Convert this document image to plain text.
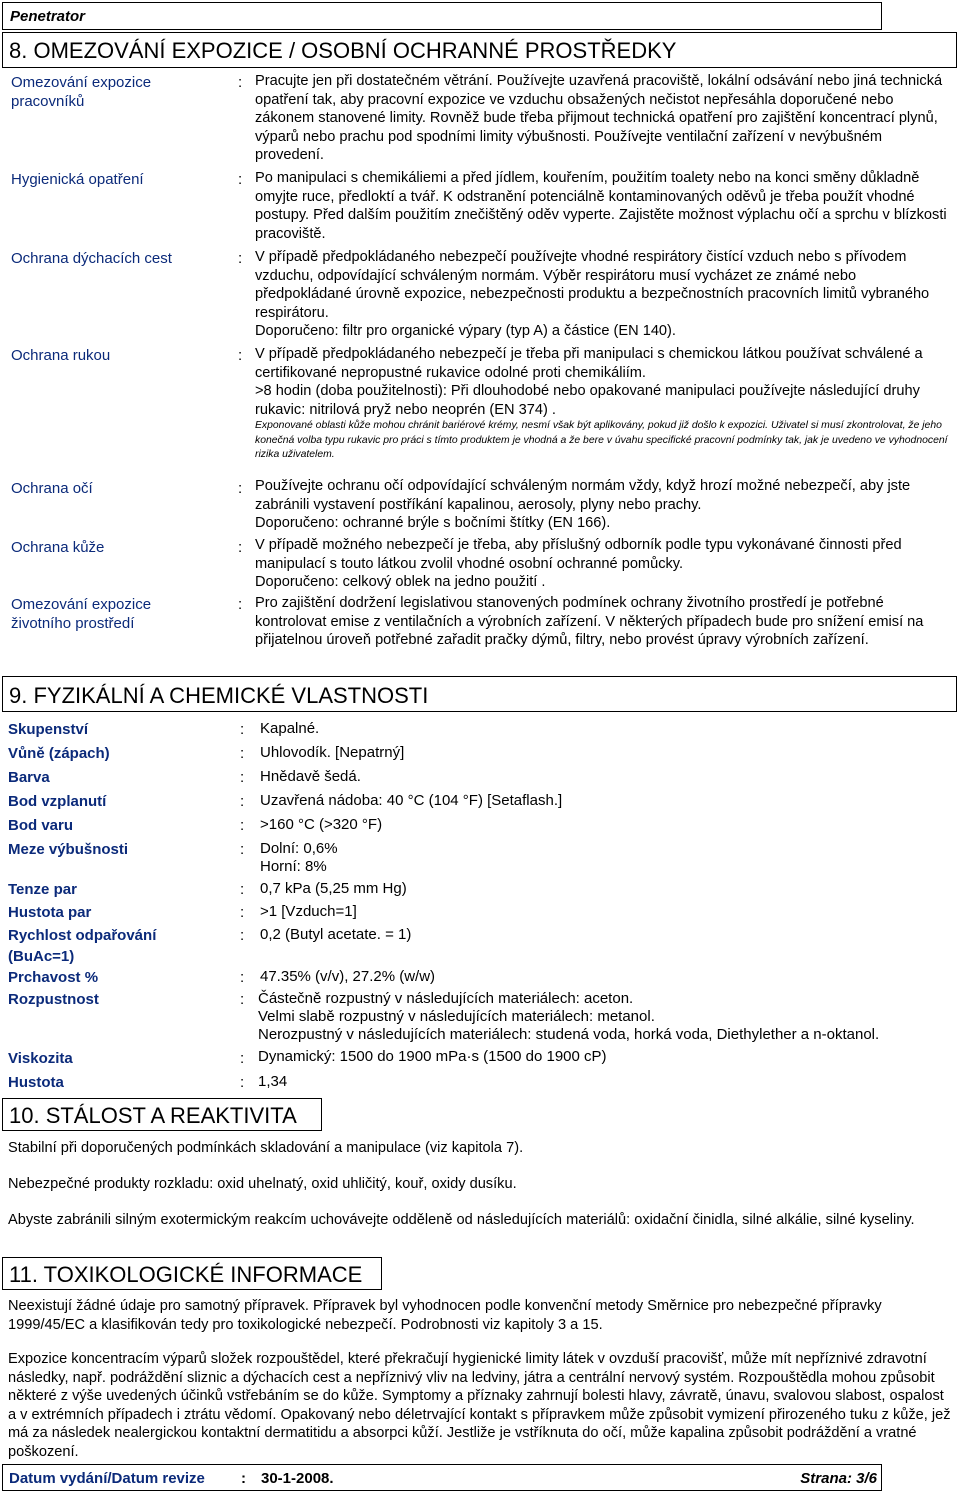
Penetrator
8. OMEZOVÁNÍ EXPOZICE / OSOBNÍ OCHRANNÉ PROSTŘEDKY
Omezování expozice pracovníků
: Pracujte jen při dostatečném větrání. Používejte uzavřená pracoviště, lokální odsávání nebo jiná technická opatření tak, aby pracovní expozice ve vzduchu obsažených nečistot nepřesáhla doporučené nebo zákonem stanovené limity. Rovněž bude třeba přijmout technická opatření pro zajištění koncentrací plynů, výparů nebo prachu pod spodními limity výbušnosti. Používejte ventilační zařízení v nevýbušném provedení.

Hygienická opatření	: Po manipulaci s chemikáliemi a před jídlem, kouřením, použitím toalety nebo na konci směny důkladně omyjte ruce, předloktí a tvář. K odstranění potenciálně kontaminovaných oděvů je třeba použít vhodné postupy. Před dalším použitím znečištěný oděv vyperte. Zajistěte možnost výplachu očí a sprchu v blízkosti pracoviště.

Ochrana dýchacích cest	: V případě předpokládaného nebezpečí používejte vhodné respirátory čistící vzduch nebo s přívodem vzduchu, odpovídající schváleným normám. Výběr respirátoru musí vycházet ze známé nebo předpokládané úrovně expozice, nebezpečnosti produktu a bezpečnostních pracovních limitů vybraného respirátoru.

Doporučeno: filtr pro organické výpary (typ A) a částice (EN 140).

Ochrana rukou	: V případě předpokládaného nebezpečí je třeba při manipulaci s chemickou látkou používat schválené a certifikované nepropustné rukavice odolné proti chemikáliím.

>8 hodin (doba použitelnosti): Při dlouhodobé nebo opakované manipulaci používejte následující druhy rukavic: nitrilová pryž nebo neoprén (EN 374) .

Exponované oblasti kůže mohou chránit bariérové krémy, nesmí však být aplikovány, pokud již došlo k expozici. Uživatel si musí zkontrolovat, že jeho konečná volba typu rukavic pro práci s tímto produktem je vhodná a že bere v úvahu specifické pracovní podmínky tak, jak je uvedeno ve vyhodnocení rizika uživatelem.

Ochrana očí	: Používejte ochranu očí odpovídající schváleným normám vždy, když hrozí možné nebezpečí, aby jste zabránili vystavení postříkání kapalinou, aerosoly, plyny nebo prachy.

Doporučeno: ochranné brýle s bočními štítky (EN 166).

Ochrana kůže	: V případě možného nebezpečí je třeba, aby příslušný odborník podle typu vykonávané činnosti před manipulací s touto látkou zvolil vhodné osobní ochranné pomůcky.

Doporučeno: celkový oblek na jedno použití .

Omezování expozice životního prostředí
: Pro zajištění dodržení legislativou stanovených podmínek ochrany životního prostředí je potřebné kontrolovat emise z ventilačních a výrobních zařízení. V některých případech bude pro snížení emisí na přijatelnou úroveň potřebné zařadit pračky dýmů, filtry, nebo provést úpravy výrobních zařízení.

9. FYZIKÁLNÍ A CHEMICKÉ VLASTNOSTI
Skupenství	: Kapalné.
Vůně (zápach)	: Uhlovodík. [Nepatrný]
Barva	: Hnědavě šedá.
Bod vzplanutí	: Uzavřená nádoba: 40 °C (104 °F) [Setaflash.]
Bod varu	: >160 °C (>320 °F)
Meze výbušnosti	: Dolní: 0,6%
Horní: 8%
Tenze par	: 0,7 kPa (5,25 mm Hg)
Hustota par	: >1 [Vzduch=1]
Rychlost odpařování (BuAc=1)
: 0,2 (Butyl acetate. = 1)
Prchavost %	: 47.35% (v/v), 27.2% (w/w)
Rozpustnost	: Částečně rozpustný v následujících materiálech: aceton.
Velmi slabě rozpustný v následujících materiálech: metanol.
Nerozpustný v následujících materiálech: studená voda, horká voda, Diethylether a n-oktanol.
Viskozita	: Dynamický: 1500 do 1900 mPa·s (1500 do 1900 cP)
Hustota	: 1,34
10. STÁLOST A REAKTIVITA
Stabilní při doporučených podmínkách skladování a manipulace (viz kapitola 7).
Nebezpečné produkty rozkladu: oxid uhelnatý, oxid uhličitý, kouř, oxidy dusíku.
Abyste zabránili silným exotermickým reakcím uchovávejte odděleně od následujících materiálů: oxidační činidla, silné alkálie, silné kyseliny.
11. TOXIKOLOGICKÉ INFORMACE
Neexistují žádné údaje pro samotný přípravek. Přípravek byl vyhodnocen podle konvenční metody Směrnice pro nebezpečné přípravky 1999/45/EC a klasifikován tedy pro toxikologické nebezpečí. Podrobnosti viz kapitoly 3 a 15.
Expozice koncentracím výparů složek rozpouštědel, které překračují hygienické limity látek v ovzduší pracovišť, může mít nepříznivé zdravotní následky, např. podráždění sliznic a dýchacích cest a nepříznivý vliv na ledviny, játra a centrální nervový systém. Rozpouštědla mohou způsobit některé z výše uvedených účinků vstřebáním se do kůže. Symptomy a příznaky zahrnují bolesti hlavy, závratě, únavu, svalovou slabost, ospalost a v extrémních případech i ztrátu vědomí. Opakovaný nebo déletrvající kontakt s přípravkem může způsobit vymizení přirozeného tuku z kůže, jež má za následek nealergickou kontaktní dermatitidu a absorpci kůží. Jestliže je vstříknuta do očí, může kapalina způsobit podráždění a vratné poškození.
Datum vydání/Datum revize : 30-1-2008.	Strana: 3/6
